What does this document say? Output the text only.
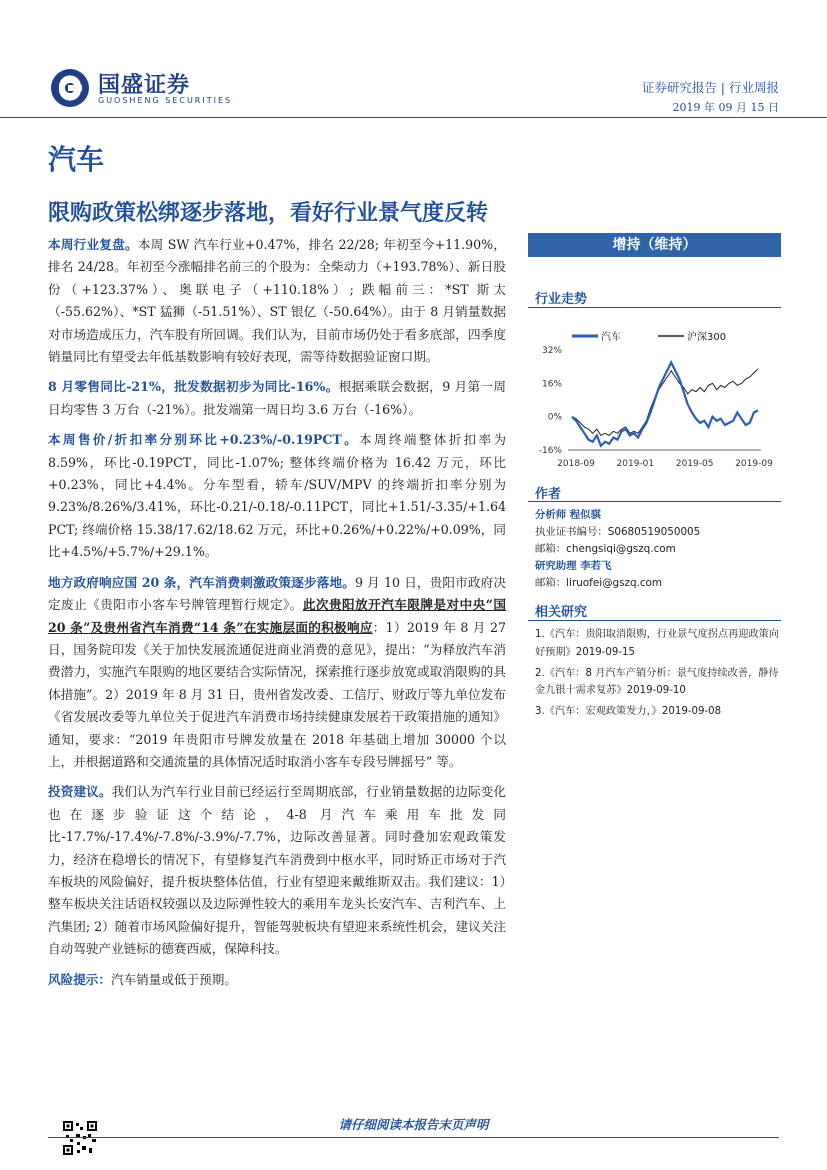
国盛证券
GUOSHENG SECURITIES
证券研究报告 | 行业周报
2019 年 09 月 15 日
汽车
限购政策松绑逐步落地，看好行业景气度反转

本周行业复盘。本周 SW 汽车行业+0.47%，排名 22/28; 年初至今+11.90%，排名 24/28。年初至今涨幅排名前三的个股为：全柴动力（+193.78%）、新日股份（+123.37%）、奥联电子（+110.18%）; 跌幅前三：*ST 斯太（-55.62%）、*ST 猛狮（-51.51%）、ST 银亿（-50.64%）。由于 8 月销量数据对市场造成压力，汽车股有所回调。我们认为，目前市场仍处于看多底部，四季度销量同比有望受去年低基数影响有较好表现，需等待数据验证窗口期。

8 月零售同比-21%，批发数据初步为同比-16%。根据乘联会数据，9 月第一周日均零售 3 万台（-21%）。批发端第一周日均 3.6 万台（-16%）。

本周售价/折扣率分别环比+0.23%/-0.19PCT。本周终端整体折扣率为 8.59%，环比-0.19PCT，同比-1.07%; 整体终端价格为 16.42 万元，环比+0.23%，同比+4.4%。分车型看，轿车/SUV/MPV 的终端折扣率分别为 9.23%/8.26%/3.41%，环比-0.21/-0.18/-0.11PCT，同比+1.51/-3.35/+1.64 PCT; 终端价格 15.38/17.62/18.62 万元，环比+0.26%/+0.22%/+0.09%，同比+4.5%/+5.7%/+29.1%。

地方政府响应国 20 条，汽车消费刺激政策逐步落地。9 月 10 日，贵阳市政府决定废止《贵阳市小客车号牌管理暂行规定》。此次贵阳放开汽车限牌是对中央“国 20 条”及贵州省汽车消费“14 条”在实施层面的积极响应：1）2019 年 8 月 27 日，国务院印发《关于加快发展流通促进商业消费的意见》，提出：“为释放汽车消费潜力，实施汽车限购的地区要结合实际情况，探索推行逐步放宽或取消限购的具体措施”。2）2019 年 8 月 31 日，贵州省发改委、工信厅、财政厅等九单位发布《省发展改委等九单位关于促进汽车消费市场持续健康发展若干政策措施的通知》通知，要求：“2019 年贵阳市号牌发放量在 2018 年基础上增加 30000 个以上，并根据道路和交通流量的具体情况适时取消小客车专段号牌摇号” 等。

投资建议。我们认为汽车行业目前已经运行至周期底部，行业销量数据的边际变化也在逐步验证这个结论，4-8 月汽车乘用车批发同比-17.7%/-17.4%/-7.8%/-3.9%/-7.7%，边际改善显著。同时叠加宏观政策发力，经济在稳增长的情况下，有望修复汽车消费到中枢水平，同时矫正市场对于汽车板块的风险偏好，提升板块整体估值，行业有望迎来戴维斯双击。我们建议：1）整车板块关注话语权较强以及边际弹性较大的乘用车龙头长安汽车、吉利汽车、上汽集团; 2）随着市场风险偏好提升，智能驾驶板块有望迎来系统性机会，建议关注自动驾驶产业链标的德赛西威，保障科技。

风险提示：汽车销量或低于预期。

增持（维持）
行业走势
汽车	沪深300
32%
16%
0%
-16%
2018-09 2019-01 2019-05 2019-09
作者
分析师 程似骐
执业证书编号：S0680519050005
邮箱：chengsiqi@gszq.com
研究助理 李若飞
邮箱：liruofei@gszq.com
相关研究
1.《汽车：贵阳取消限购，行业景气度拐点再迎政策向好预期》2019-09-15
2.《汽车：8 月汽车产销分析：景气度持续改善，静待金九银十需求复苏》2019-09-10
3.《汽车：宏观政策发力，》2019-09-08
请仔细阅读本报告末页声明
